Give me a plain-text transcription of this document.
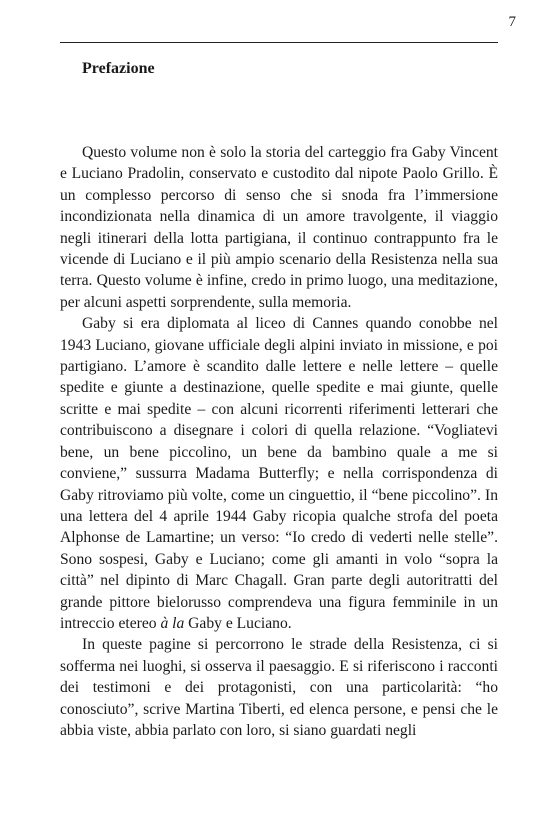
7
Prefazione

Questo volume non è solo la storia del carteggio fra Gaby Vincent e Luciano Pradolin, conservato e custodito dal nipote Paolo Grillo. È un complesso percorso di senso che si snoda fra l’immersione incondizionata nella dinamica di un amore travolgente, il viaggio negli itinerari della lotta partigiana, il continuo contrappunto fra le vicende di Luciano e il più ampio scenario della Resistenza nella sua terra. Questo volume è infine, credo in primo luogo, una meditazione, per alcuni aspetti sorprendente, sulla memoria.

Gaby si era diplomata al liceo di Cannes quando conobbe nel 1943 Luciano, giovane ufficiale degli alpini inviato in missione, e poi partigiano. L’amore è scandito dalle lettere e nelle lettere – quelle spedite e giunte a destinazione, quelle spedite e mai giunte, quelle scritte e mai spedite – con alcuni ricorrenti riferimenti letterari che contribuiscono a disegnare i colori di quella relazione. “Vogliatevi bene, un bene piccolino, un bene da bambino quale a me si conviene,” sussurra Madama Butterfly; e nella corrispondenza di Gaby ritroviamo più volte, come un cinguettio, il “bene piccolino”. In una lettera del 4 aprile 1944 Gaby ricopia qualche strofa del poeta Alphonse de Lamartine; un verso: “Io credo di vederti nelle stelle”. Sono sospesi, Gaby e Luciano; come gli amanti in volo “sopra la città” nel dipinto di Marc Chagall. Gran parte degli autoritratti del grande pittore bielorusso comprendeva una figura femminile in un intreccio etereo à la Gaby e Luciano.

In queste pagine si percorrono le strade della Resistenza, ci si sofferma nei luoghi, si osserva il paesaggio. E si riferiscono i racconti dei testimoni e dei protagonisti, con una particolarità: “ho conosciuto”, scrive Martina Tiberti, ed elenca persone, e pensi che le abbia viste, abbia parlato con loro, si siano guardati negli
